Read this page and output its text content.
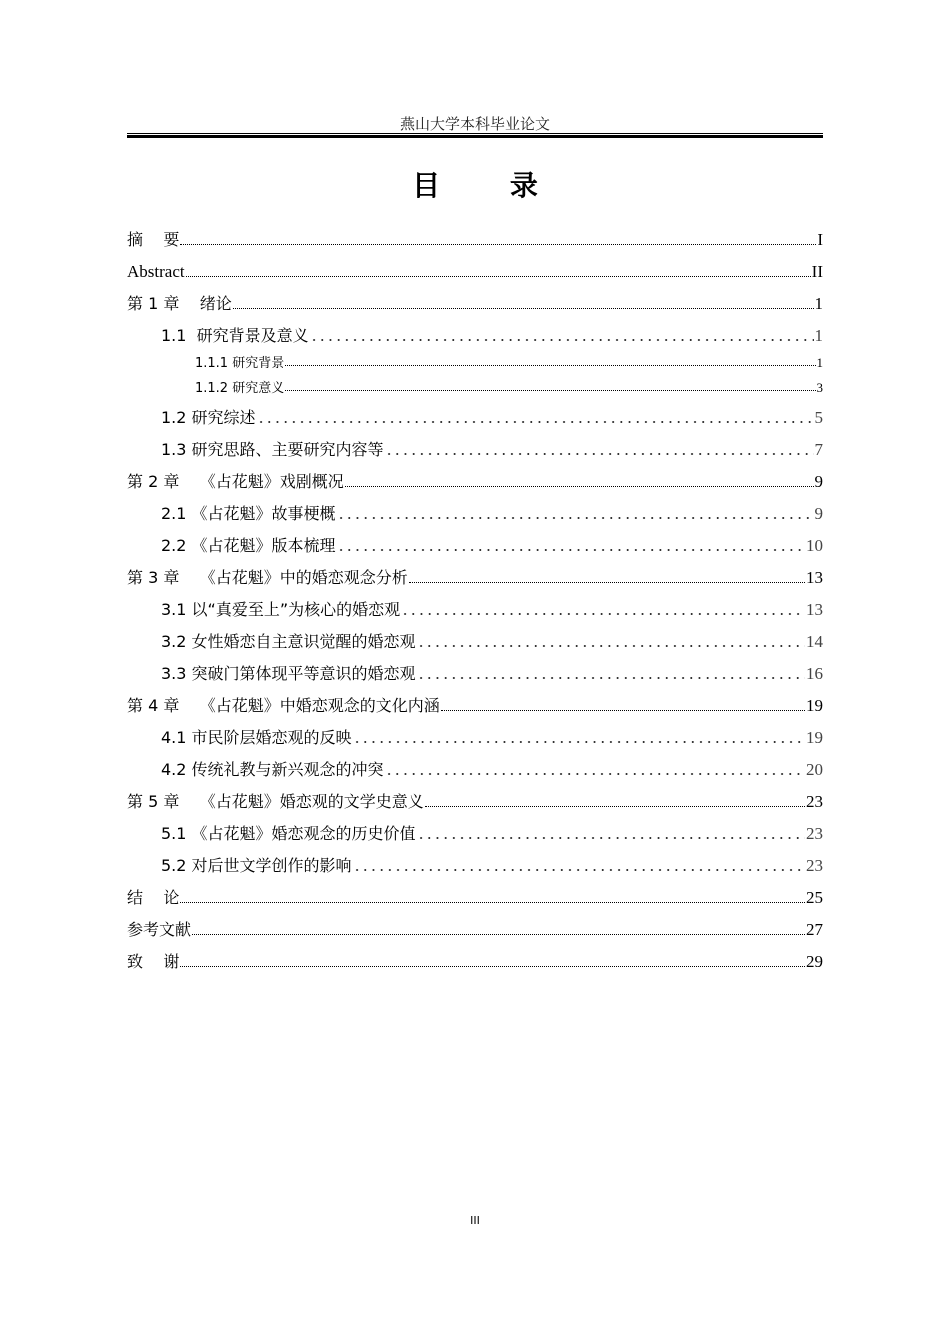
燕山大学本科毕业论文
目 录
摘    要	I
Abstract	II
第 1 章    绪论	1
1.1  研究背景及意义	1
1.1.1 研究背景	1
1.1.2 研究意义	3
1.2 研究综述	5
1.3 研究思路、主要研究内容等	7
第 2 章    《占花魁》戏剧概况	9
2.1 《占花魁》故事梗概	9
2.2 《占花魁》版本梳理	10
第 3 章    《占花魁》中的婚恋观念分析	13
3.1 以“真爱至上”为核心的婚恋观	13
3.2 女性婚恋自主意识觉醒的婚恋观	14
3.3 突破门第体现平等意识的婚恋观	16
第 4 章    《占花魁》中婚恋观念的文化内涵	19
4.1 市民阶层婚恋观的反映	19
4.2 传统礼教与新兴观念的冲突	20
第 5 章    《占花魁》婚恋观的文学史意义	23
5.1 《占花魁》婚恋观念的历史价值	23
5.2 对后世文学创作的影响	23
结    论	25
参考文献	27
致    谢	29
III
